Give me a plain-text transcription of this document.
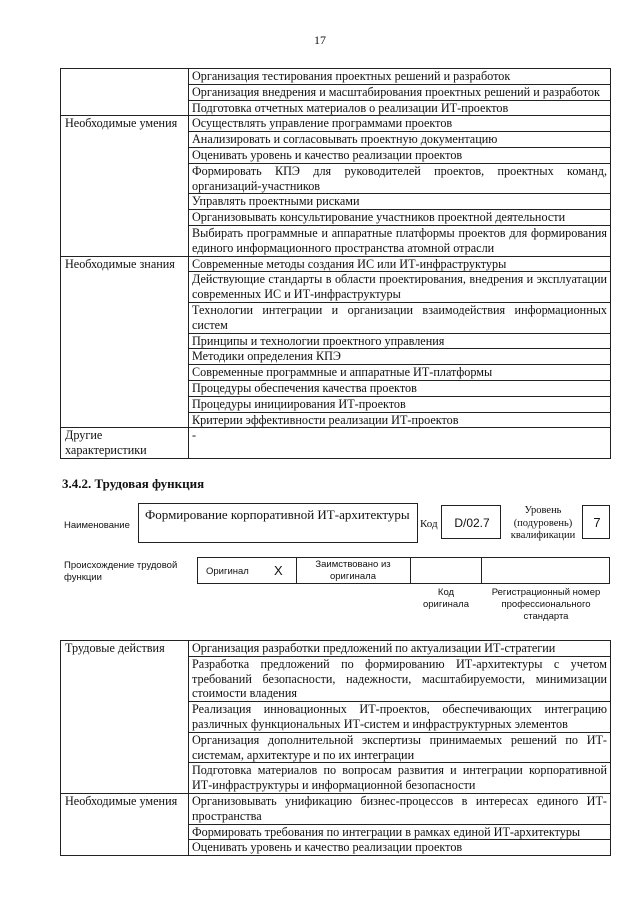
17
	Организация тестирования проектных решений и разработок
	Организация внедрения и масштабирования проектных решений и разработок
	Подготовка отчетных материалов о реализации ИТ-проектов
Необходимые умения	Осуществлять управление программами проектов
	Анализировать и согласовывать проектную документацию
	Оценивать уровень и качество реализации проектов
	Формировать КПЭ для руководителей проектов, проектных команд, организаций-участников
	Управлять проектными рисками
	Организовывать консультирование участников проектной деятельности
	Выбирать программные и аппаратные платформы проектов для формирования единого информационного пространства атомной отрасли
Необходимые знания	Современные методы создания ИС или ИТ-инфраструктуры
	Действующие стандарты в области проектирования, внедрения и эксплуатации современных ИС и ИТ-инфраструктуры
	Технологии интеграции и организации взаимодействия информационных систем
	Принципы и технологии проектного управления
	Методики определения КПЭ
	Современные программные и аппаратные ИТ-платформы
	Процедуры обеспечения качества проектов
	Процедуры инициирования ИТ-проектов
	Критерии эффективности реализации ИТ-проектов
Другие характеристики	-
3.4.2. Трудовая функция
Наименование
Формирование корпоративной ИТ-архитектуры
Код	D/02.7
Уровень (подуровень) квалификации
7
Происхождение трудовой функции
Оригинал X	Заимствовано из оригинала
Код оригинала
Регистрационный номер профессионального стандарта
Трудовые действия	Организация разработки предложений по актуализации ИТ-стратегии
	Разработка предложений по формированию ИТ-архитектуры с учетом требований безопасности, надежности, масштабируемости, минимизации стоимости владения
	Реализация инновационных ИТ-проектов, обеспечивающих интеграцию различных функциональных ИТ-систем и инфраструктурных элементов
	Организация дополнительной экспертизы принимаемых решений по ИТ-системам, архитектуре и по их интеграции
	Подготовка материалов по вопросам развития и интеграции корпоративной ИТ-инфраструктуры и информационной безопасности
Необходимые умения	Организовывать унификацию бизнес-процессов в интересах единого ИТ-пространства
	Формировать требования по интеграции в рамках единой ИТ-архитектуры
	Оценивать уровень и качество реализации проектов
